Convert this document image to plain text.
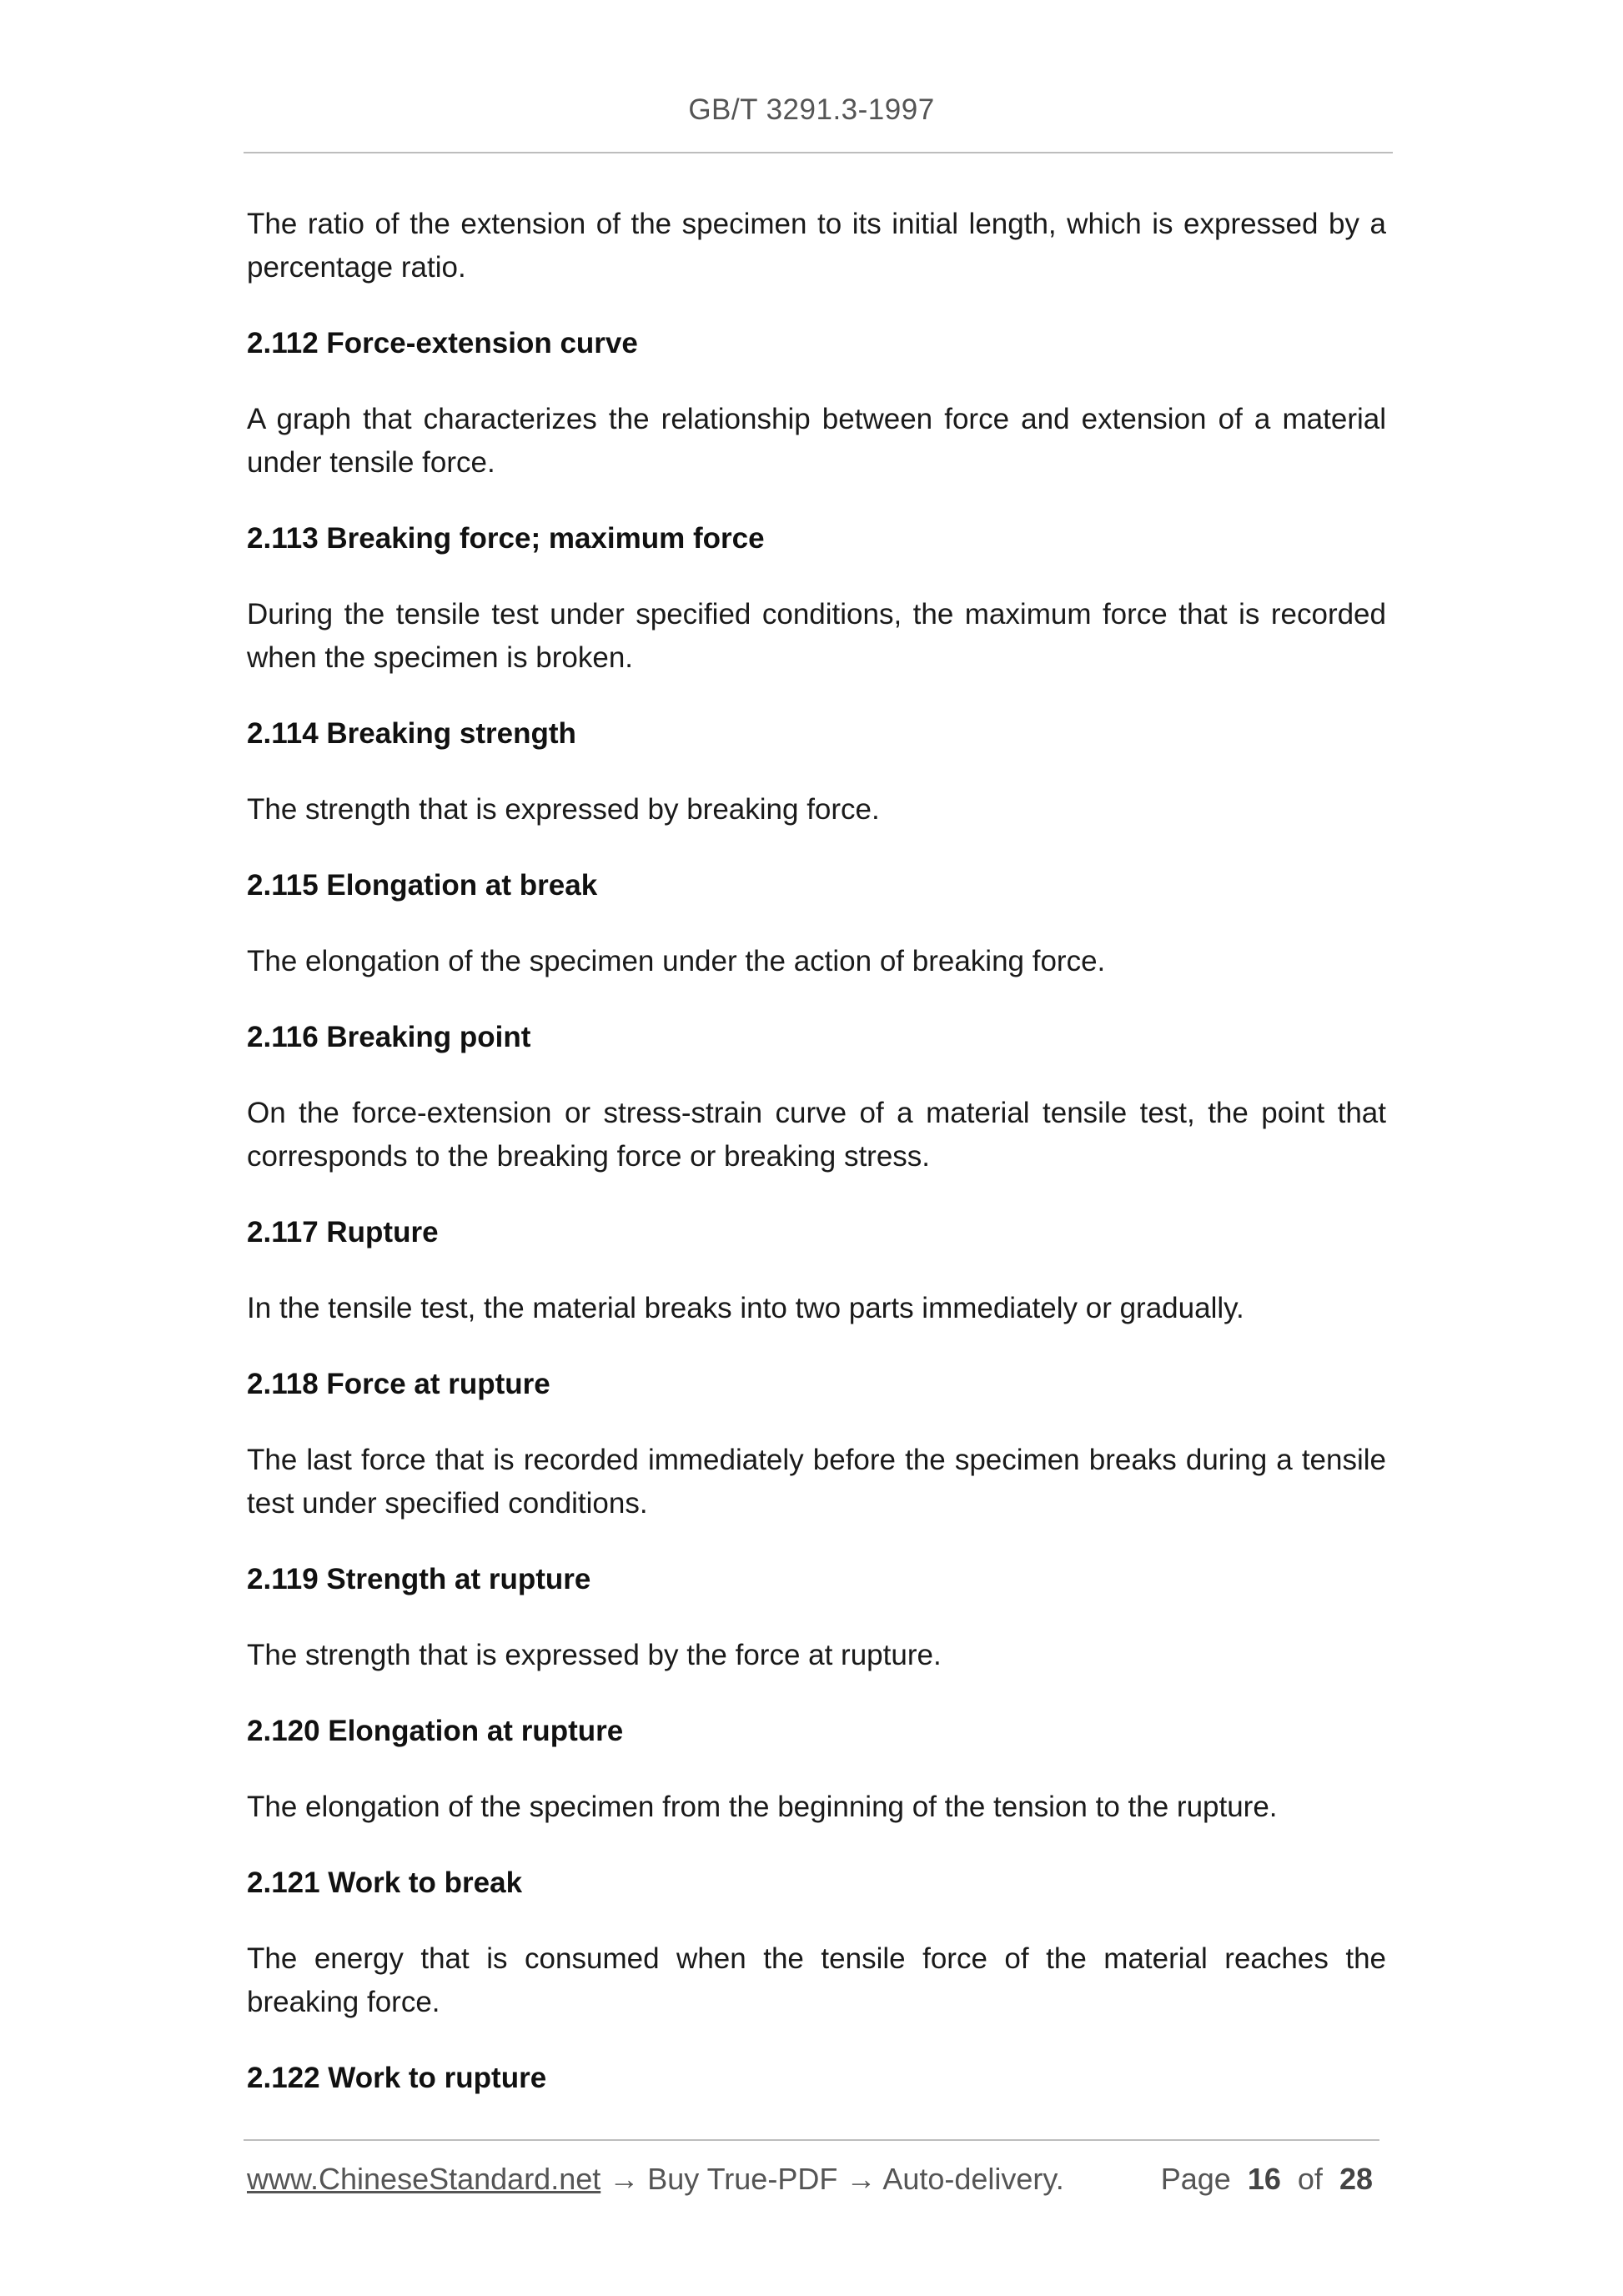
GB/T 3291.3-1997

The ratio of the extension of the specimen to its initial length, which is expressed by a percentage ratio.

2.112 Force-extension curve

A graph that characterizes the relationship between force and extension of a material under tensile force.

2.113 Breaking force; maximum force

During the tensile test under specified conditions, the maximum force that is recorded when the specimen is broken.

2.114 Breaking strength

The strength that is expressed by breaking force.

2.115 Elongation at break

The elongation of the specimen under the action of breaking force.

2.116 Breaking point

On the force-extension or stress-strain curve of a material tensile test, the point that corresponds to the breaking force or breaking stress.

2.117 Rupture

In the tensile test, the material breaks into two parts immediately or gradually.

2.118 Force at rupture

The last force that is recorded immediately before the specimen breaks during a tensile test under specified conditions.

2.119 Strength at rupture

The strength that is expressed by the force at rupture.

2.120 Elongation at rupture

The elongation of the specimen from the beginning of the tension to the rupture.

2.121 Work to break

The energy that is consumed when the tensile force of the material reaches the breaking force.

2.122 Work to rupture

www.ChineseStandard.net → Buy True-PDF → Auto-delivery.	Page 16 of 28
